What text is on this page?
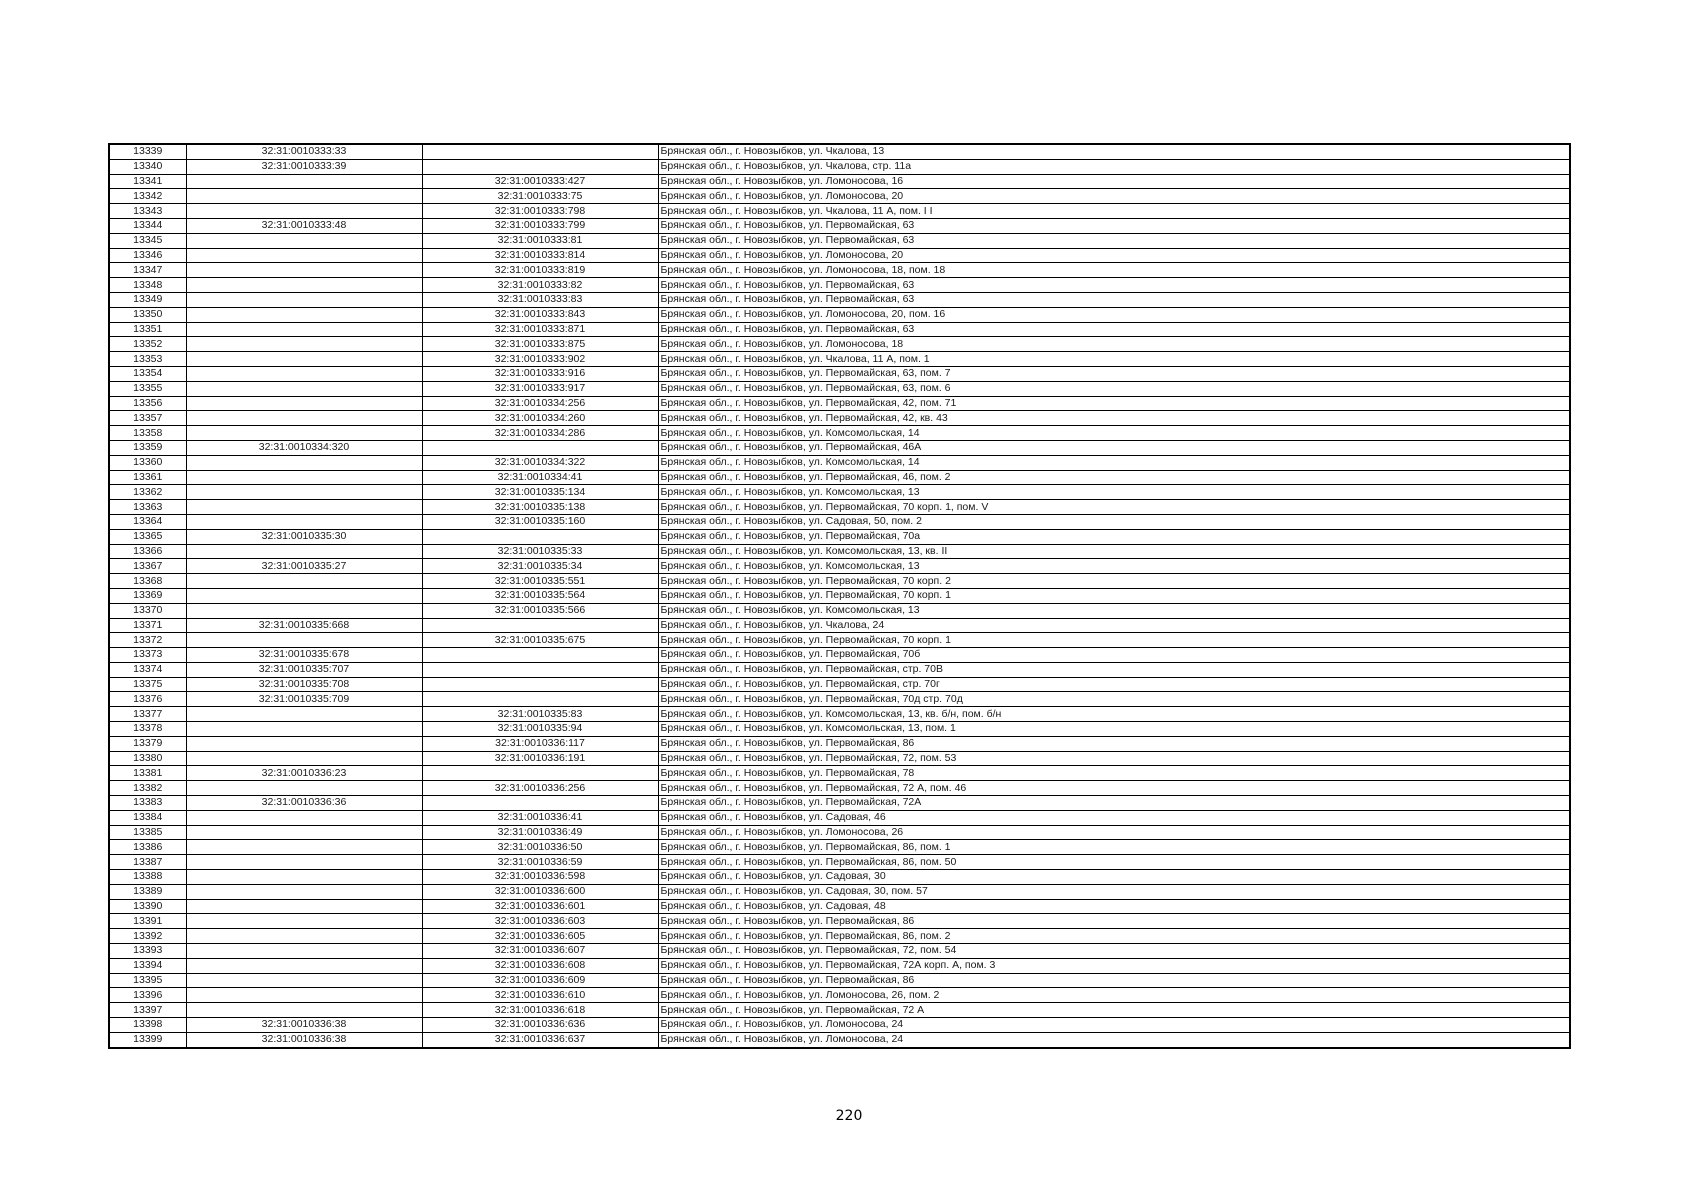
13339	32:31:0010333:33		Брянская обл., г. Новозыбков, ул. Чкалова, 13
13340	32:31:0010333:39		Брянская обл., г. Новозыбков, ул. Чкалова, стр. 11а
13341		32:31:0010333:427	Брянская обл., г. Новозыбков, ул. Ломоносова, 16
13342		32:31:0010333:75	Брянская обл., г. Новозыбков, ул. Ломоносова, 20
13343		32:31:0010333:798	Брянская обл., г. Новозыбков, ул. Чкалова, 11 А, пом. I I
13344	32:31:0010333:48	32:31:0010333:799	Брянская обл., г. Новозыбков, ул. Первомайская, 63
13345		32:31:0010333:81	Брянская обл., г. Новозыбков, ул. Первомайская, 63
13346		32:31:0010333:814	Брянская обл., г. Новозыбков, ул. Ломоносова, 20
13347		32:31:0010333:819	Брянская обл., г. Новозыбков, ул. Ломоносова, 18, пом. 18
13348		32:31:0010333:82	Брянская обл., г. Новозыбков, ул. Первомайская, 63
13349		32:31:0010333:83	Брянская обл., г. Новозыбков, ул. Первомайская, 63
13350		32:31:0010333:843	Брянская обл., г. Новозыбков, ул. Ломоносова, 20, пом. 16
13351		32:31:0010333:871	Брянская обл., г. Новозыбков, ул. Первомайская, 63
13352		32:31:0010333:875	Брянская обл., г. Новозыбков, ул. Ломоносова, 18
13353		32:31:0010333:902	Брянская обл., г. Новозыбков, ул. Чкалова, 11 А, пом. 1
13354		32:31:0010333:916	Брянская обл., г. Новозыбков, ул. Первомайская, 63, пом. 7
13355		32:31:0010333:917	Брянская обл., г. Новозыбков, ул. Первомайская, 63, пом. 6
13356		32:31:0010334:256	Брянская обл., г. Новозыбков, ул. Первомайская, 42, пом. 71
13357		32:31:0010334:260	Брянская обл., г. Новозыбков, ул. Первомайская, 42, кв. 43
13358		32:31:0010334:286	Брянская обл., г. Новозыбков, ул. Комсомольская, 14
13359	32:31:0010334:320		Брянская обл., г. Новозыбков, ул. Первомайская, 46А
13360		32:31:0010334:322	Брянская обл., г. Новозыбков, ул. Комсомольская, 14
13361		32:31:0010334:41	Брянская обл., г. Новозыбков, ул. Первомайская, 46, пом. 2
13362		32:31:0010335:134	Брянская обл., г. Новозыбков, ул. Комсомольская, 13
13363		32:31:0010335:138	Брянская обл., г. Новозыбков, ул. Первомайская, 70 корп. 1, пом. V
13364		32:31:0010335:160	Брянская обл., г. Новозыбков, ул. Садовая, 50, пом. 2
13365	32:31:0010335:30		Брянская обл., г. Новозыбков, ул. Первомайская, 70а
13366		32:31:0010335:33	Брянская обл., г. Новозыбков, ул. Комсомольская, 13, кв. II
13367	32:31:0010335:27	32:31:0010335:34	Брянская обл., г. Новозыбков, ул. Комсомольская, 13
13368		32:31:0010335:551	Брянская обл., г. Новозыбков, ул. Первомайская, 70 корп. 2
13369		32:31:0010335:564	Брянская обл., г. Новозыбков, ул. Первомайская, 70 корп. 1
13370		32:31:0010335:566	Брянская обл., г. Новозыбков, ул. Комсомольская, 13
13371	32:31:0010335:668		Брянская обл., г. Новозыбков, ул. Чкалова, 24
13372		32:31:0010335:675	Брянская обл., г. Новозыбков, ул. Первомайская, 70 корп. 1
13373	32:31:0010335:678		Брянская обл., г. Новозыбков, ул. Первомайская, 70б
13374	32:31:0010335:707		Брянская обл., г. Новозыбков, ул. Первомайская, стр. 70В
13375	32:31:0010335:708		Брянская обл., г. Новозыбков, ул. Первомайская, стр. 70г
13376	32:31:0010335:709		Брянская обл., г. Новозыбков, ул. Первомайская, 70д стр. 70д
13377		32:31:0010335:83	Брянская обл., г. Новозыбков, ул. Комсомольская, 13, кв. б/н, пом. б/н
13378		32:31:0010335:94	Брянская обл., г. Новозыбков, ул. Комсомольская, 13, пом. 1
13379		32:31:0010336:117	Брянская обл., г. Новозыбков, ул. Первомайская, 86
13380		32:31:0010336:191	Брянская обл., г. Новозыбков, ул. Первомайская, 72, пом. 53
13381	32:31:0010336:23		Брянская обл., г. Новозыбков, ул. Первомайская, 78
13382		32:31:0010336:256	Брянская обл., г. Новозыбков, ул. Первомайская, 72 А, пом. 46
13383	32:31:0010336:36		Брянская обл., г. Новозыбков, ул. Первомайская, 72А
13384		32:31:0010336:41	Брянская обл., г. Новозыбков, ул. Садовая, 46
13385		32:31:0010336:49	Брянская обл., г. Новозыбков, ул. Ломоносова, 26
13386		32:31:0010336:50	Брянская обл., г. Новозыбков, ул. Первомайская, 86, пом. 1
13387		32:31:0010336:59	Брянская обл., г. Новозыбков, ул. Первомайская, 86, пом. 50
13388		32:31:0010336:598	Брянская обл., г. Новозыбков, ул. Садовая, 30
13389		32:31:0010336:600	Брянская обл., г. Новозыбков, ул. Садовая, 30, пом. 57
13390		32:31:0010336:601	Брянская обл., г. Новозыбков, ул. Садовая, 48
13391		32:31:0010336:603	Брянская обл., г. Новозыбков, ул. Первомайская, 86
13392		32:31:0010336:605	Брянская обл., г. Новозыбков, ул. Первомайская, 86, пом. 2
13393		32:31:0010336:607	Брянская обл., г. Новозыбков, ул. Первомайская, 72, пом. 54
13394		32:31:0010336:608	Брянская обл., г. Новозыбков, ул. Первомайская, 72А корп. А, пом. 3
13395		32:31:0010336:609	Брянская обл., г. Новозыбков, ул. Первомайская, 86
13396		32:31:0010336:610	Брянская обл., г. Новозыбков, ул. Ломоносова, 26, пом. 2
13397		32:31:0010336:618	Брянская обл., г. Новозыбков, ул. Первомайская, 72 А
13398	32:31:0010336:38	32:31:0010336:636	Брянская обл., г. Новозыбков, ул. Ломоносова, 24
13399	32:31:0010336:38	32:31:0010336:637	Брянская обл., г. Новозыбков, ул. Ломоносова, 24
220
